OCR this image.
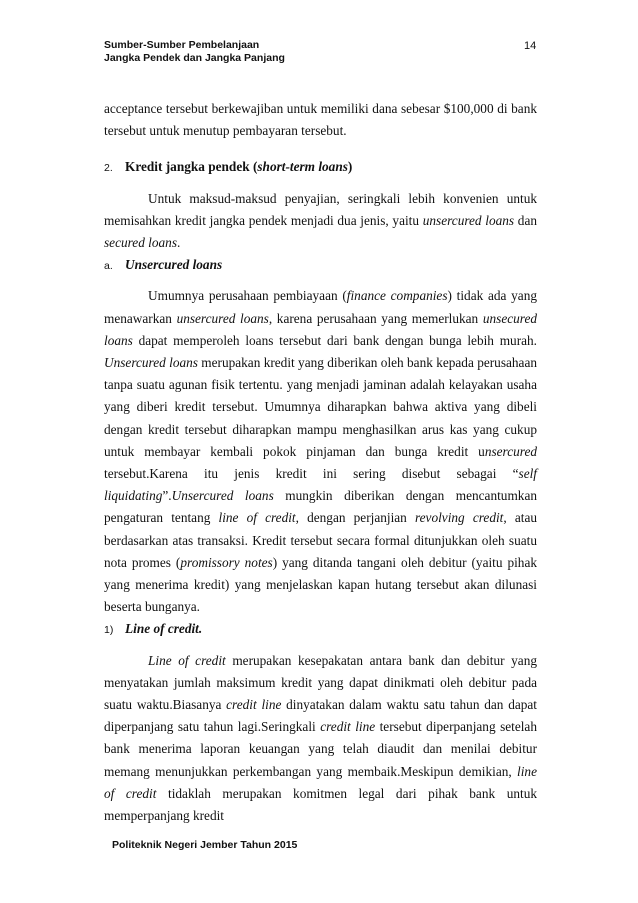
Sumber-Sumber Pembelanjaan
Jangka Pendek dan Jangka Panjang
14

acceptance tersebut berkewajiban untuk memiliki dana sebesar $100,000 di bank tersebut untuk menutup pembayaran tersebut.

2. Kredit jangka pendek (short-term loans)

Untuk maksud-maksud penyajian, seringkali lebih konvenien untuk memisahkan kredit jangka pendek menjadi dua jenis, yaitu unsercured loans dan secured loans.

a. Unsercured loans

Umumnya perusahaan pembiayaan (finance companies) tidak ada yang menawarkan unsercured loans, karena perusahaan yang memerlukan unsecured loans dapat memperoleh loans tersebut dari bank dengan bunga lebih murah. Unsercured loans merupakan kredit yang diberikan oleh bank kepada perusahaan tanpa suatu agunan fisik tertentu. yang menjadi jaminan adalah kelayakan usaha yang diberi kredit tersebut. Umumnya diharapkan bahwa aktiva yang dibeli dengan kredit tersebut diharapkan mampu menghasilkan arus kas yang cukup untuk membayar kembali pokok pinjaman dan bunga kredit unsercured tersebut.Karena itu jenis kredit ini sering disebut sebagai “self liquidating”.Unsercured loans mungkin diberikan dengan mencantumkan pengaturan tentang line of credit, dengan perjanjian revolving credit, atau berdasarkan atas transaksi. Kredit tersebut secara formal ditunjukkan oleh suatu nota promes (promissory notes) yang ditanda tangani oleh debitur (yaitu pihak yang menerima kredit) yang menjelaskan kapan hutang tersebut akan dilunasi beserta bunganya.

1) Line of credit.

Line of credit merupakan kesepakatan antara bank dan debitur yang menyatakan jumlah maksimum kredit yang dapat dinikmati oleh debitur pada suatu waktu.Biasanya credit line dinyatakan dalam waktu satu tahun dan dapat diperpanjang satu tahun lagi.Seringkali credit line tersebut diperpanjang setelah bank menerima laporan keuangan yang telah diaudit dan menilai debitur memang menunjukkan perkembangan yang membaik.Meskipun demikian, line of credit tidaklah merupakan komitmen legal dari pihak bank untuk memperpanjang kredit

Politeknik Negeri Jember Tahun 2015
